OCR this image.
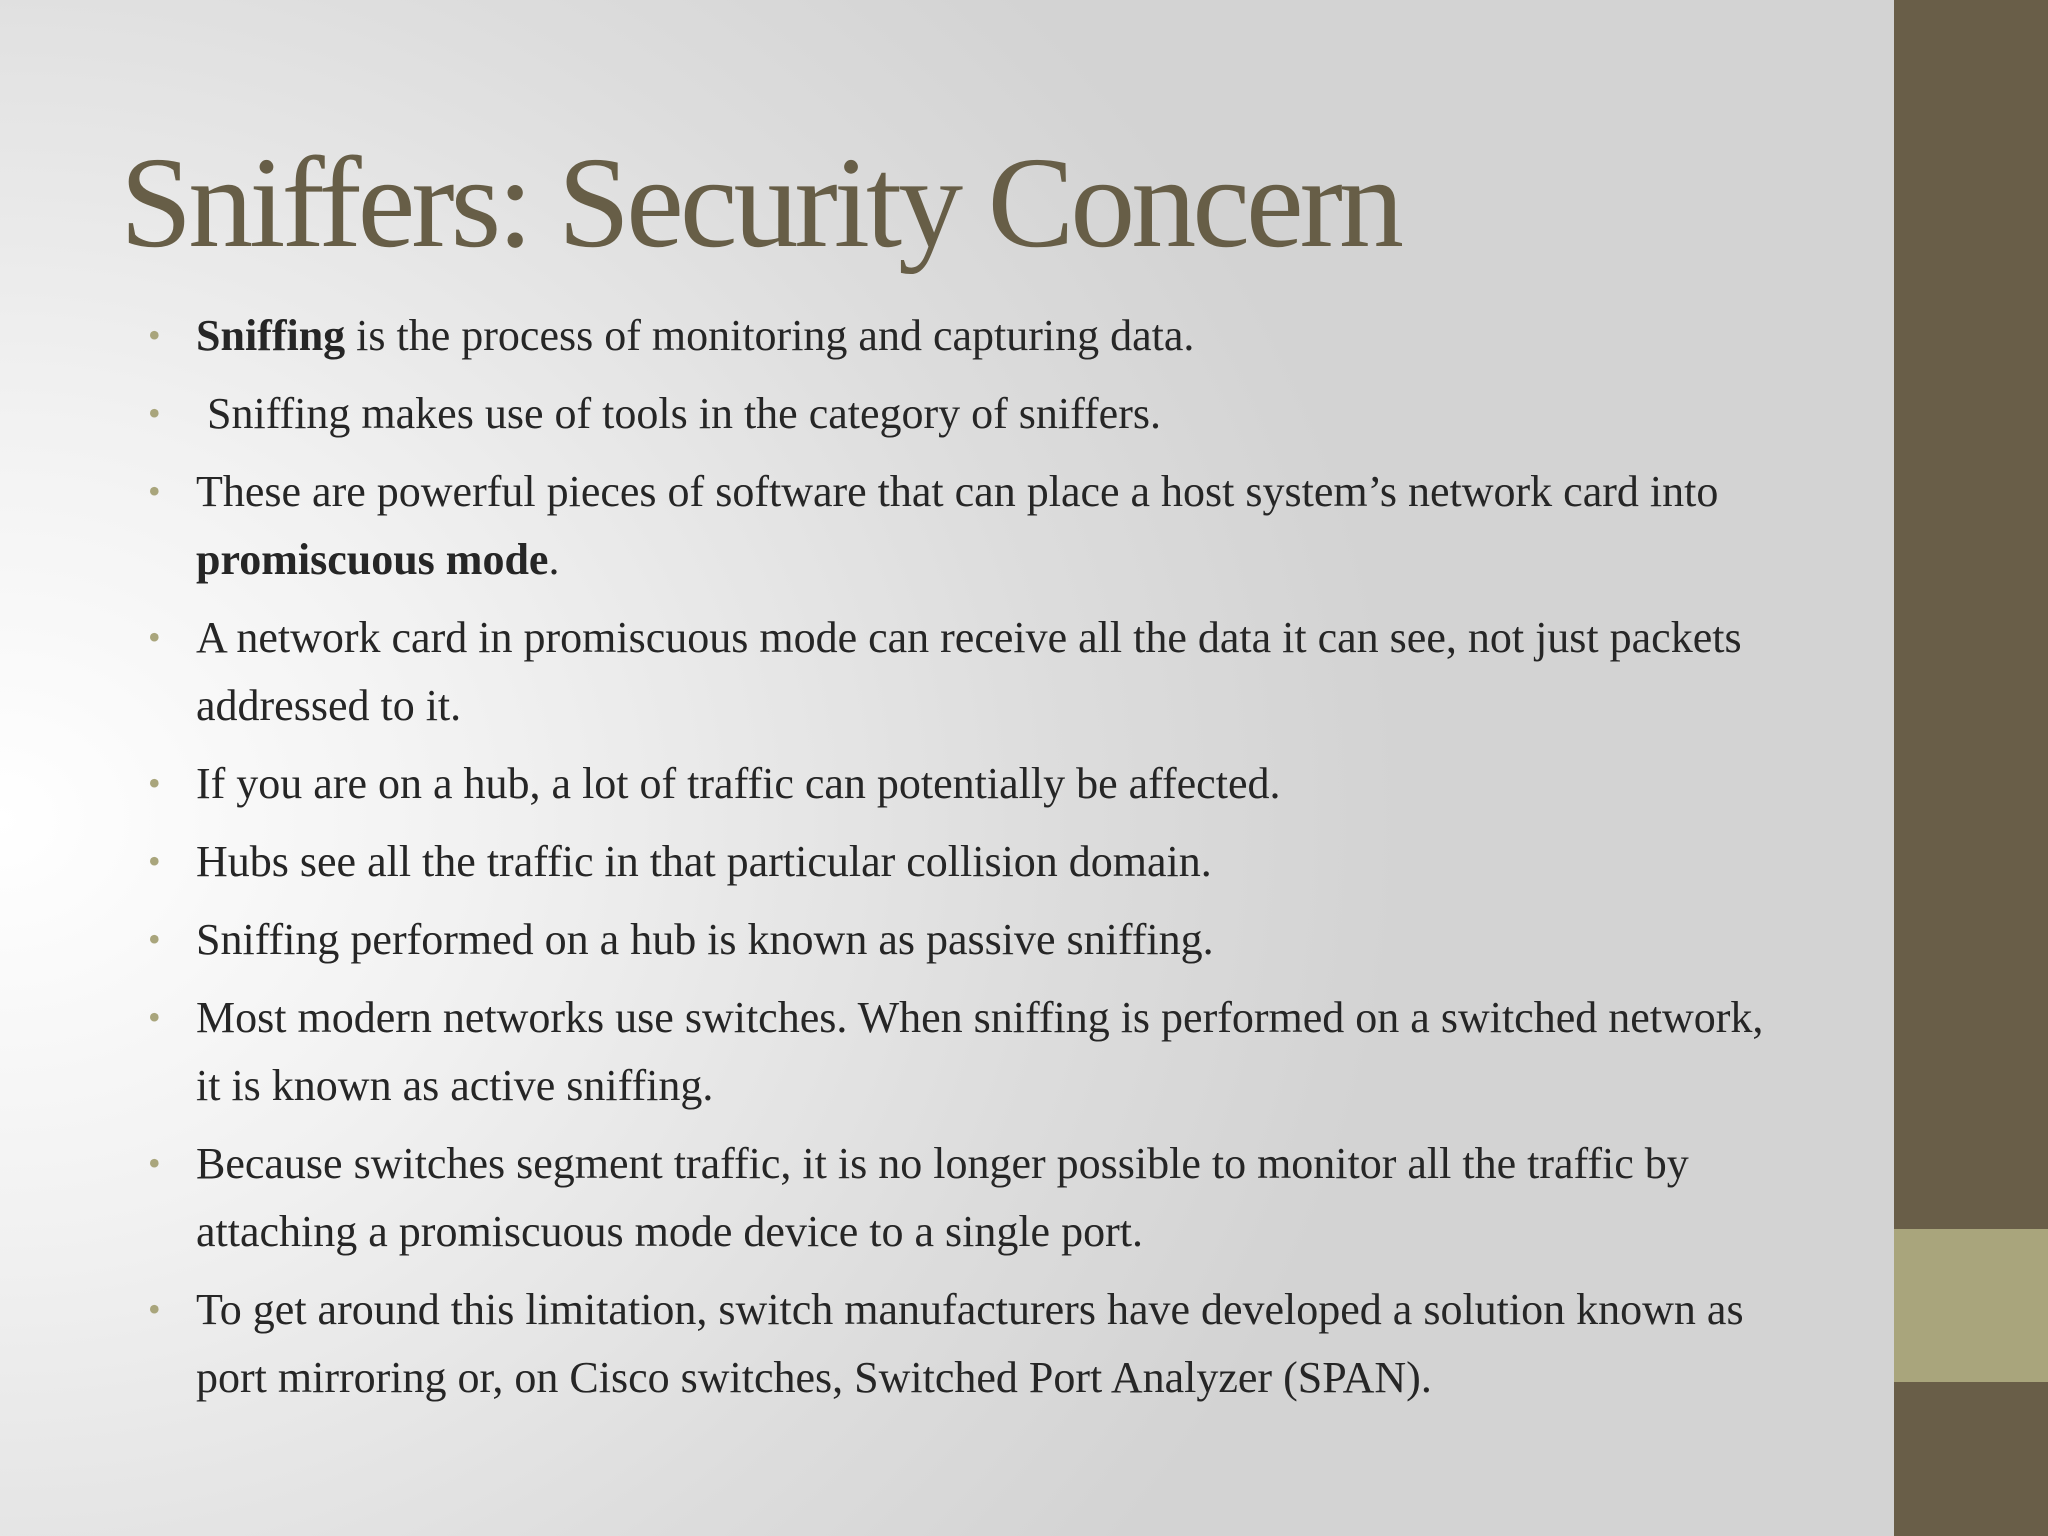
Sniffers: Security Concern
• Sniffing is the process of monitoring and capturing data.
• Sniffing makes use of tools in the category of sniffers.
• These are powerful pieces of software that can place a host system’s network card into promiscuous mode.
• A network card in promiscuous mode can receive all the data it can see, not just packets addressed to it.
• If you are on a hub, a lot of traffic can potentially be affected.
• Hubs see all the traffic in that particular collision domain.
• Sniffing performed on a hub is known as passive sniffing.
• Most modern networks use switches. When sniffing is performed on a switched network, it is known as active sniffing.
• Because switches segment traffic, it is no longer possible to monitor all the traffic by attaching a promiscuous mode device to a single port.
• To get around this limitation, switch manufacturers have developed a solution known as port mirroring or, on Cisco switches, Switched Port Analyzer (SPAN).
